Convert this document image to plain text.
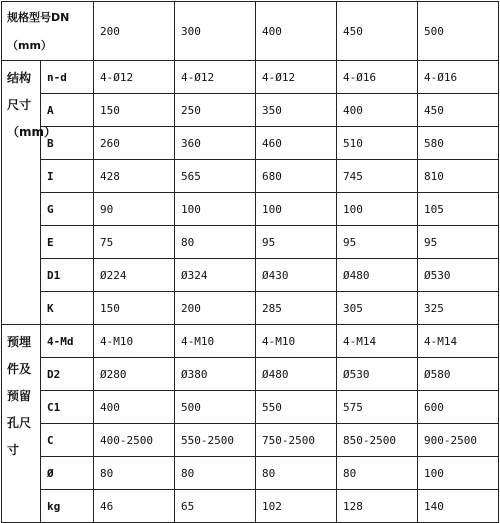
规格型号DN（mm）		200	300	400	450	500
结构尺寸（mm）	n-d	4-Ø12	4-Ø12	4-Ø12	4-Ø16	4-Ø16
	A	150	250	350	400	450
	B	260	360	460	510	580
	I	428	565	680	745	810
	G	90	100	100	100	105
	E	75	80	95	95	95
	D1	Ø224	Ø324	Ø430	Ø480	Ø530
	K	150	200	285	305	325
预埋件及预留孔尺寸	4-Md	4-M10	4-M10	4-M10	4-M14	4-M14
	D2	Ø280	Ø380	Ø480	Ø530	Ø580
	C1	400	500	550	575	600
	C	400-2500	550-2500	750-2500	850-2500	900-2500
	Ø	80	80	80	80	100
	kg	46	65	102	128	140
